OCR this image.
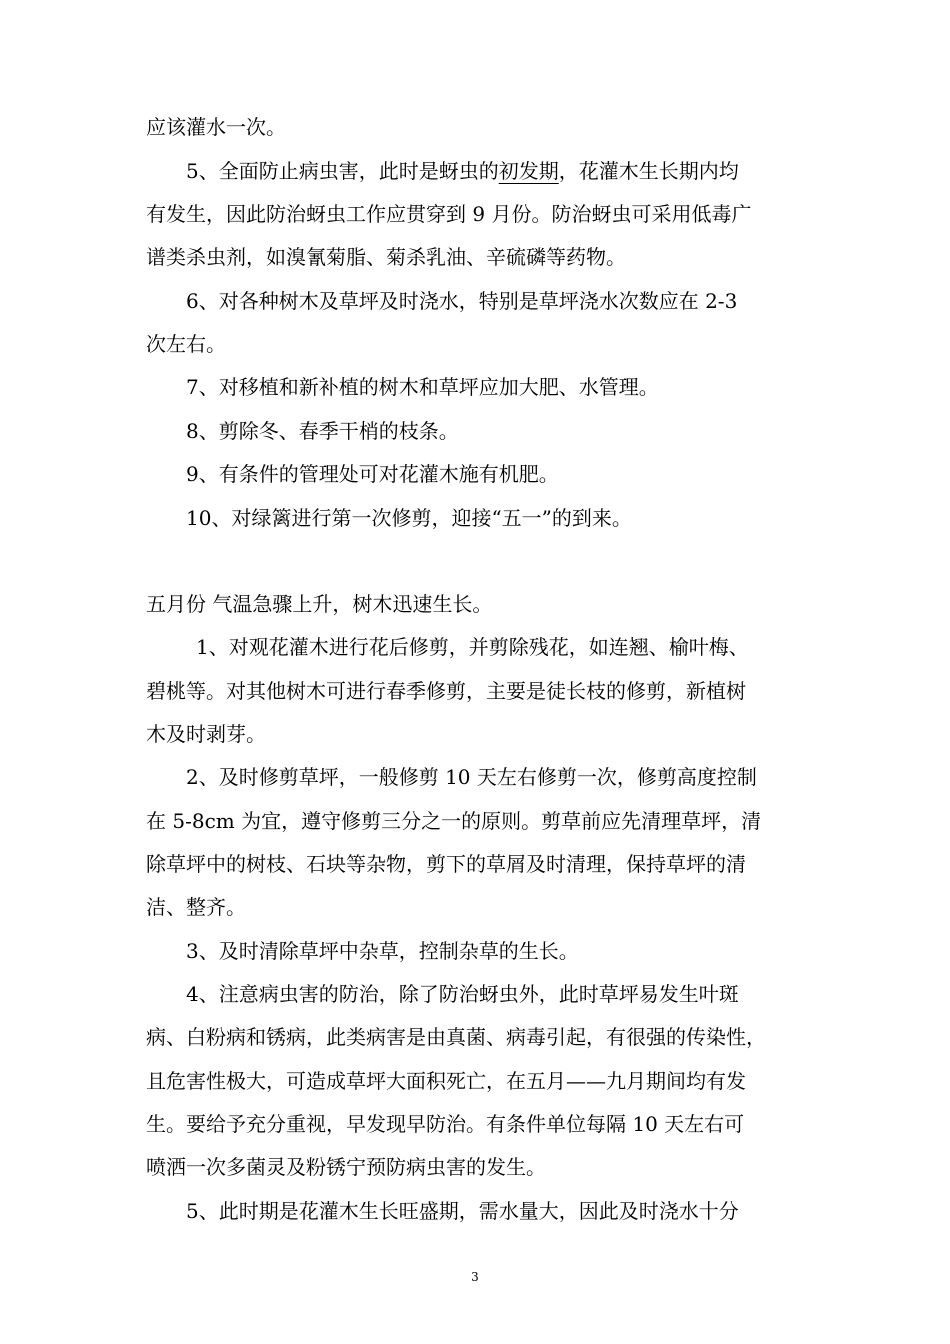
应该灌水一次。
5、全面防止病虫害，此时是蚜虫的初发期，花灌木生长期内均
有发生，因此防治蚜虫工作应贯穿到 9 月份。防治蚜虫可采用低毒广
谱类杀虫剂，如溴氰菊脂、菊杀乳油、辛硫磷等药物。
6、对各种树木及草坪及时浇水，特别是草坪浇水次数应在 2-3
次左右。
7、对移植和新补植的树木和草坪应加大肥、水管理。
8、剪除冬、春季干梢的枝条。
9、有条件的管理处可对花灌木施有机肥。
10、对绿篱进行第一次修剪，迎接“五一”的到来。
五月份 气温急骤上升，树木迅速生长。
1、对观花灌木进行花后修剪，并剪除残花，如连翘、榆叶梅、
碧桃等。对其他树木可进行春季修剪，主要是徒长枝的修剪，新植树
木及时剥芽。
2、及时修剪草坪，一般修剪 10 天左右修剪一次，修剪高度控制
在 5-8cm 为宜，遵守修剪三分之一的原则。剪草前应先清理草坪，清
除草坪中的树枝、石块等杂物，剪下的草屑及时清理，保持草坪的清
洁、整齐。
3、及时清除草坪中杂草，控制杂草的生长。
4、注意病虫害的防治，除了防治蚜虫外，此时草坪易发生叶斑
病、白粉病和锈病，此类病害是由真菌、病毒引起，有很强的传染性，
且危害性极大，可造成草坪大面积死亡，在五月——九月期间均有发
生。要给予充分重视，早发现早防治。有条件单位每隔 10 天左右可
喷洒一次多菌灵及粉锈宁预防病虫害的发生。
5、此时期是花灌木生长旺盛期，需水量大，因此及时浇水十分
3
